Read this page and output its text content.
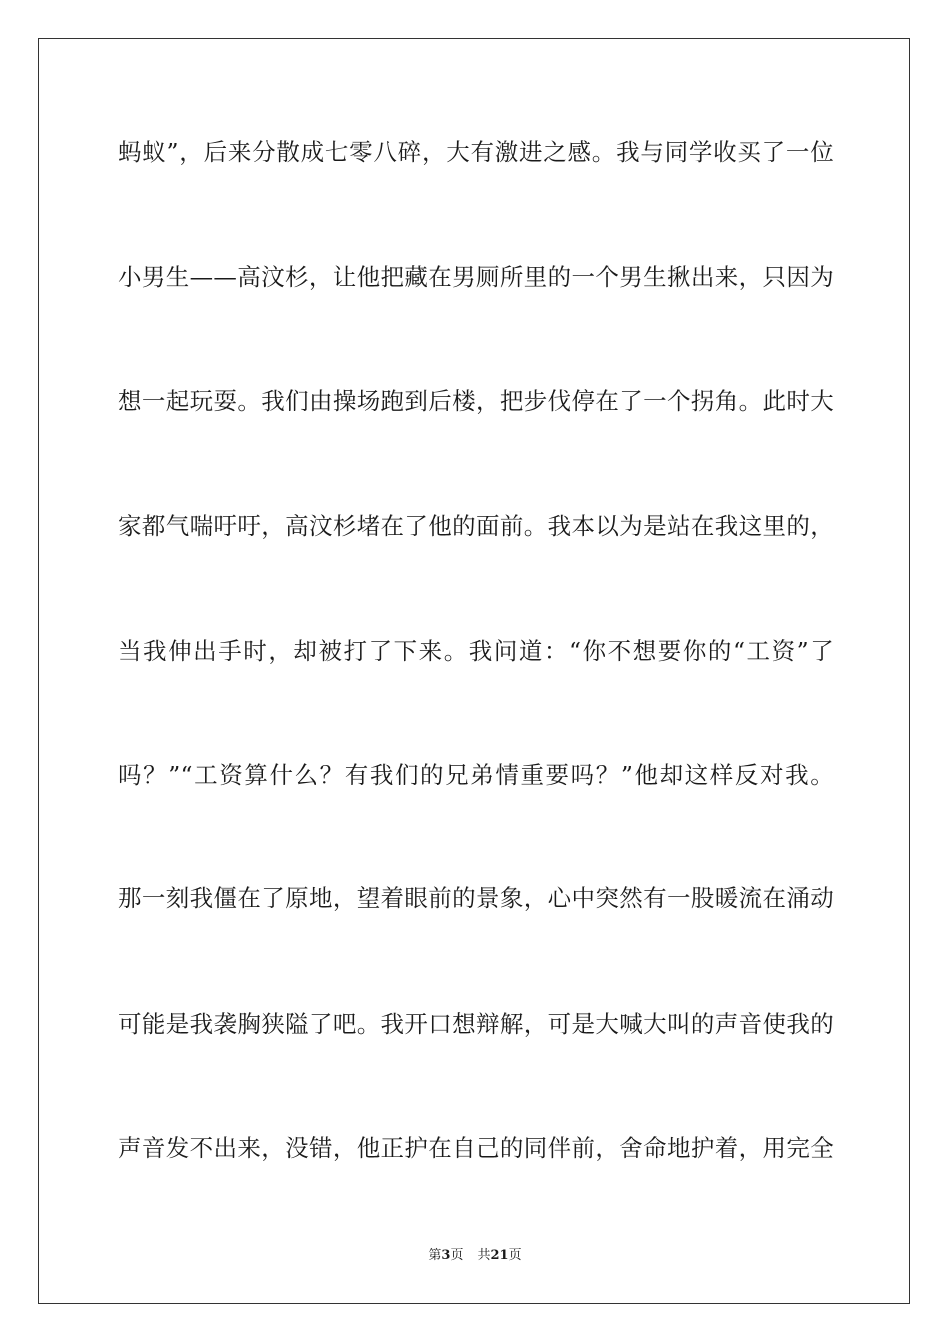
蚂蚁”，后来分散成七零八碎，大有激进之感。我与同学收买了一位
小男生——高汶杉，让他把藏在男厕所里的一个男生揪出来，只因为
想一起玩耍。我们由操场跑到后楼，把步伐停在了一个拐角。此时大
家都气喘吁吁，高汶杉堵在了他的面前。我本以为是站在我这里的，
当我伸出手时，却被打了下来。我问道：“你不想要你的“工资”了
吗？”“工资算什么？有我们的兄弟情重要吗？”他却这样反对我。
那一刻我僵在了原地，望着眼前的景象，心中突然有一股暖流在涌动
可能是我袭胸狭隘了吧。我开口想辩解，可是大喊大叫的声音使我的
声音发不出来，没错，他正护在自己的同伴前，舍命地护着，用完全
第3页 共21页
